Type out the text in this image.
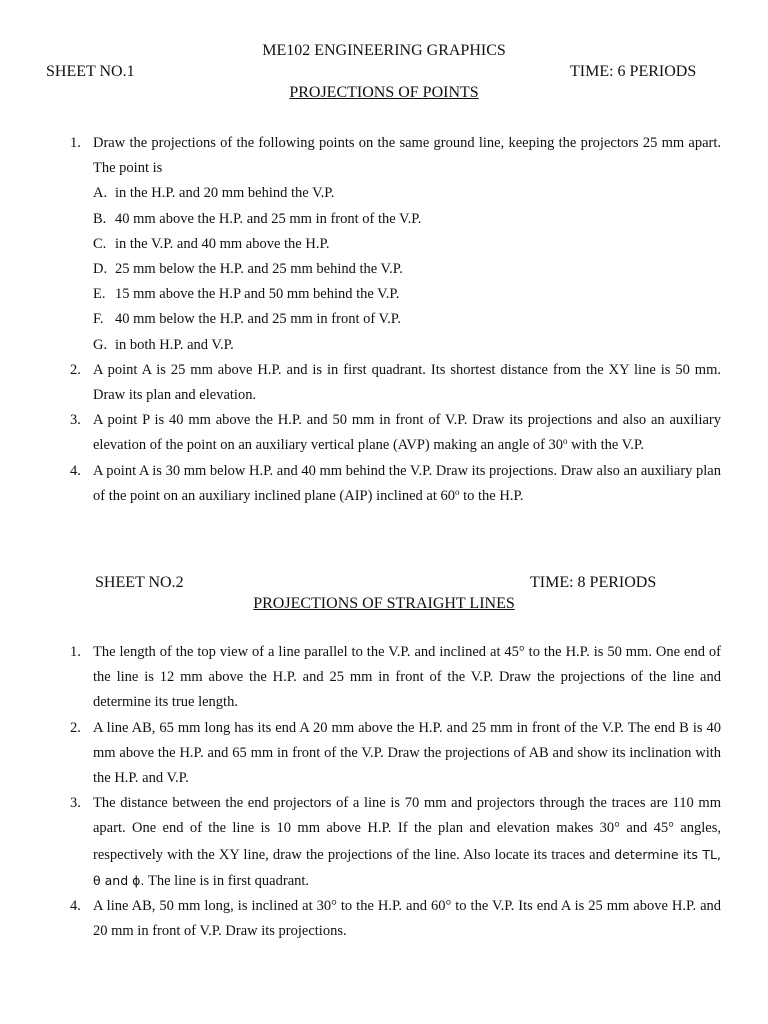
ME102 ENGINEERING GRAPHICS
SHEET NO.1	TIME: 6 PERIODS
PROJECTIONS OF POINTS
1. Draw the projections of the following points on the same ground line, keeping the projectors 25 mm apart. The point is
A. in the H.P. and 20 mm behind the V.P.
B. 40 mm above the H.P. and 25 mm in front of the V.P.
C. in the V.P. and 40 mm above the H.P.
D. 25 mm below the H.P. and 25 mm behind the V.P.
E. 15 mm above the H.P and 50 mm behind the V.P.
F. 40 mm below the H.P. and 25 mm in front of V.P.
G. in both H.P. and V.P.
2. A point A is 25 mm above H.P. and is in first quadrant. Its shortest distance from the XY line is 50 mm. Draw its plan and elevation.
3. A point P is 40 mm above the H.P. and 50 mm in front of V.P. Draw its projections and also an auxiliary elevation of the point on an auxiliary vertical plane (AVP) making an angle of 30$^o$ with the V.P.
4. A point A is 30 mm below H.P. and 40 mm behind the V.P. Draw its projections. Draw also an auxiliary plan of the point on an auxiliary inclined plane (AIP) inclined at 60$^o$ to the H.P.
SHEET NO.2	TIME: 8 PERIODS
PROJECTIONS OF STRAIGHT LINES
1. The length of the top view of a line parallel to the V.P. and inclined at 45° to the H.P. is 50 mm. One end of the line is 12 mm above the H.P. and 25 mm in front of the V.P. Draw the projections of the line and determine its true length.
2. A line AB, 65 mm long has its end A 20 mm above the H.P. and 25 mm in front of the V.P. The end B is 40 mm above the H.P. and 65 mm in front of the V.P. Draw the projections of AB and show its inclination with the H.P. and V.P.
3. The distance between the end projectors of a line is 70 mm and projectors through the traces are 110 mm apart. One end of the line is 10 mm above H.P. If the plan and elevation makes 30° and 45° angles, respectively with the XY line, draw the projections of the line. Also locate its traces and determine its TL, θ and ϕ. The line is in first quadrant.
4. A line AB, 50 mm long, is inclined at 30° to the H.P. and 60° to the V.P. Its end A is 25 mm above H.P. and 20 mm in front of V.P. Draw its projections.
